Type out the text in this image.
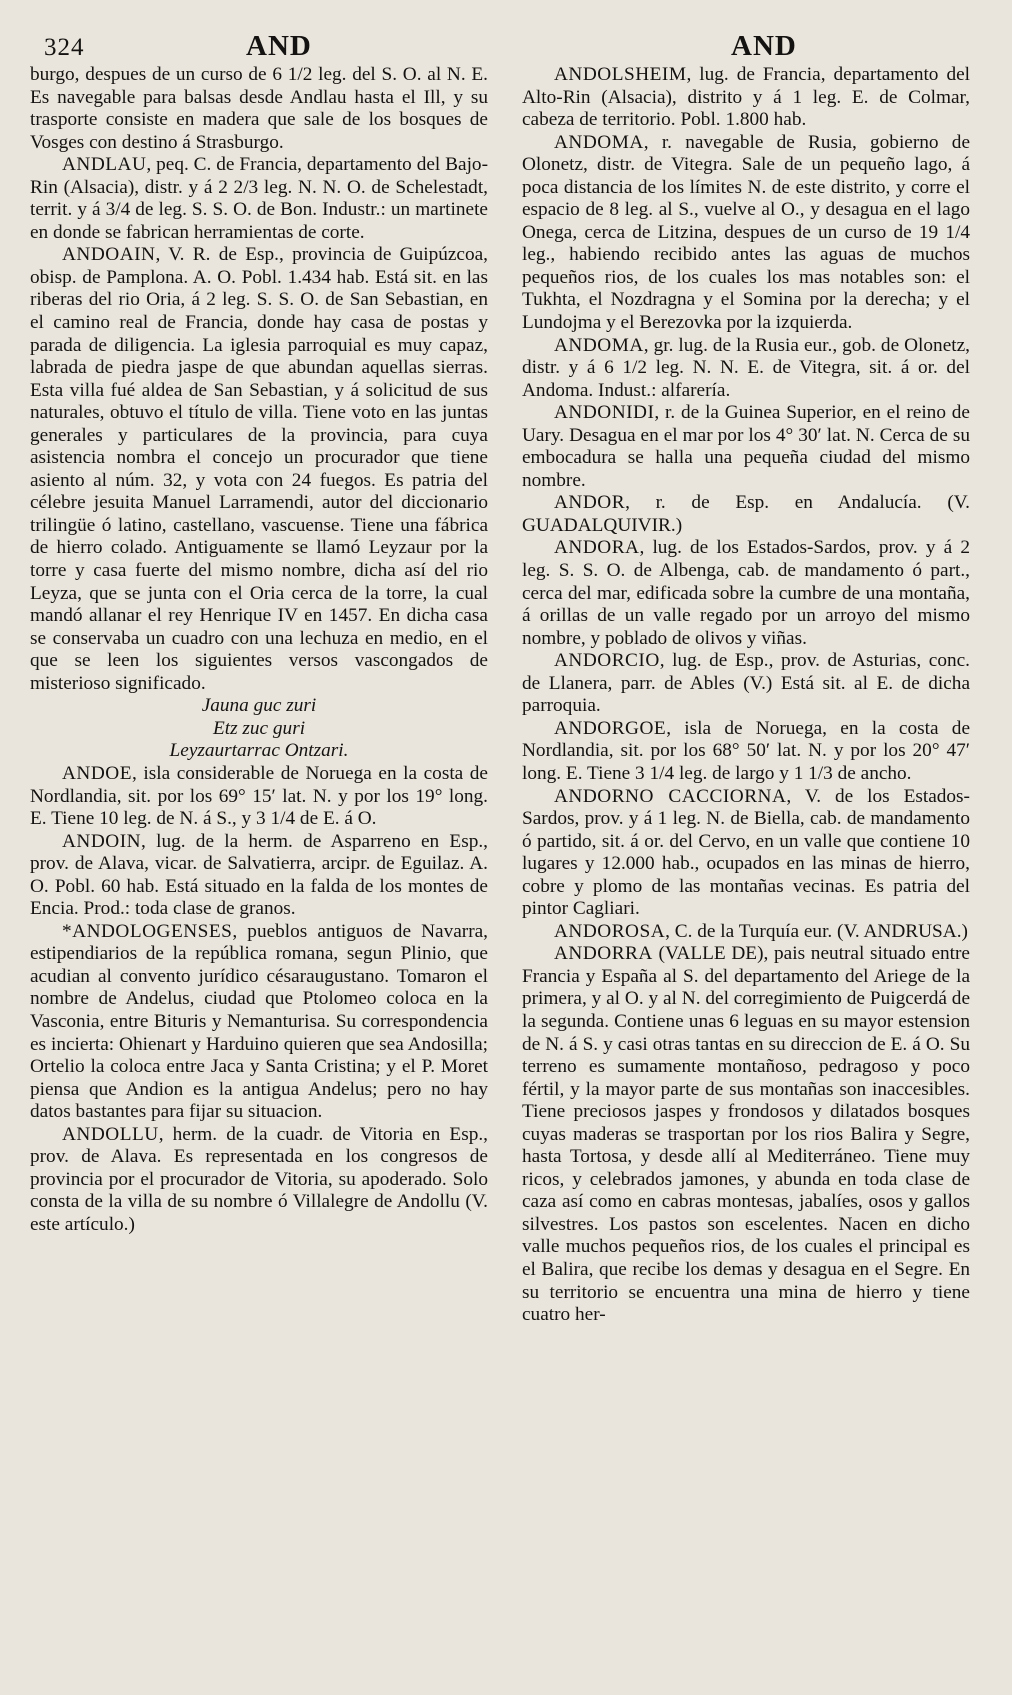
324	AND	AND

burgo, despues de un curso de 6 1/2 leg. del S. O. al N. E. Es navegable para balsas desde Andlau hasta el Ill, y su trasporte consiste en madera que sale de los bosques de Vosges con destino á Strasburgo.

ANDLAU, peq. C. de Francia, departamento del Bajo-Rin (Alsacia), distr. y á 2 2/3 leg. N. N. O. de Schelestadt, territ. y á 3/4 de leg. S. S. O. de Bon. Industr.: un martinete en donde se fabrican herramientas de corte.

ANDOAIN, V. R. de Esp., provincia de Guipúzcoa, obisp. de Pamplona. A. O. Pobl. 1.434 hab. Está sit. en las riberas del rio Oria, á 2 leg. S. S. O. de San Sebastian, en el camino real de Francia, donde hay casa de postas y parada de diligencia. La iglesia parroquial es muy capaz, labrada de piedra jaspe de que abundan aquellas sierras. Esta villa fué aldea de San Sebastian, y á solicitud de sus naturales, obtuvo el título de villa. Tiene voto en las juntas generales y particulares de la provincia, para cuya asistencia nombra el concejo un procurador que tiene asiento al núm. 32, y vota con 24 fuegos. Es patria del célebre jesuita Manuel Larramendi, autor del diccionario trilingüe ó latino, castellano, vascuense. Tiene una fábrica de hierro colado. Antiguamente se llamó Leyzaur por la torre y casa fuerte del mismo nombre, dicha así del rio Leyza, que se junta con el Oria cerca de la torre, la cual mandó allanar el rey Henrique IV en 1457. En dicha casa se conservaba un cuadro con una lechuza en medio, en el que se leen los siguientes versos vascongados de misterioso significado.

Jauna guc zuri

Etz zuc guri

Leyzaurtarrac Ontzari.

ANDOE, isla considerable de Noruega en la costa de Nordlandia, sit. por los 69° 15′ lat. N. y por los 19° long. E. Tiene 10 leg. de N. á S., y 3 1/4 de E. á O.

ANDOIN, lug. de la herm. de Asparreno en Esp., prov. de Alava, vicar. de Salvatierra, arcipr. de Eguilaz. A. O. Pobl. 60 hab. Está situado en la falda de los montes de Encia. Prod.: toda clase de granos.

*ANDOLOGENSES, pueblos antiguos de Navarra, estipendiarios de la república romana, segun Plinio, que acudian al convento jurídico césaraugustano. Tomaron el nombre de Andelus, ciudad que Ptolomeo coloca en la Vasconia, entre Bituris y Nemanturisa. Su correspondencia es incierta: Ohienart y Harduino quieren que sea Andosilla; Ortelio la coloca entre Jaca y Santa Cristina; y el P. Moret piensa que Andion es la antigua Andelus; pero no hay datos bastantes para fijar su situacion.

ANDOLLU, herm. de la cuadr. de Vitoria en Esp., prov. de Alava. Es representada en los congresos de provincia por el procurador de Vitoria, su apoderado. Solo consta de la villa de su nombre ó Villalegre de Andollu (V. este artículo.)

ANDOLSHEIM, lug. de Francia, departamento del Alto-Rin (Alsacia), distrito y á 1 leg. E. de Colmar, cabeza de territorio. Pobl. 1.800 hab.

ANDOMA, r. navegable de Rusia, gobierno de Olonetz, distr. de Vitegra. Sale de un pequeño lago, á poca distancia de los límites N. de este distrito, y corre el espacio de 8 leg. al S., vuelve al O., y desagua en el lago Onega, cerca de Litzina, despues de un curso de 19 1/4 leg., habiendo recibido antes las aguas de muchos pequeños rios, de los cuales los mas notables son: el Tukhta, el Nozdragna y el Somina por la derecha; y el Lundojma y el Berezovka por la izquierda.

ANDOMA, gr. lug. de la Rusia eur., gob. de Olonetz, distr. y á 6 1/2 leg. N. N. E. de Vitegra, sit. á or. del Andoma. Indust.: alfarería.

ANDONIDI, r. de la Guinea Superior, en el reino de Uary. Desagua en el mar por los 4° 30′ lat. N. Cerca de su embocadura se halla una pequeña ciudad del mismo nombre.

ANDOR, r. de Esp. en Andalucía. (V. GUADALQUIVIR.)

ANDORA, lug. de los Estados-Sardos, prov. y á 2 leg. S. S. O. de Albenga, cab. de mandamento ó part., cerca del mar, edificada sobre la cumbre de una montaña, á orillas de un valle regado por un arroyo del mismo nombre, y poblado de olivos y viñas.

ANDORCIO, lug. de Esp., prov. de Asturias, conc. de Llanera, parr. de Ables (V.) Está sit. al E. de dicha parroquia.

ANDORGOE, isla de Noruega, en la costa de Nordlandia, sit. por los 68° 50′ lat. N. y por los 20° 47′ long. E. Tiene 3 1/4 leg. de largo y 1 1/3 de ancho.

ANDORNO CACCIORNA, V. de los Estados-Sardos, prov. y á 1 leg. N. de Biella, cab. de mandamento ó partido, sit. á or. del Cervo, en un valle que contiene 10 lugares y 12.000 hab., ocupados en las minas de hierro, cobre y plomo de las montañas vecinas. Es patria del pintor Cagliari.

ANDOROSA, C. de la Turquía eur. (V. ANDRUSA.)

ANDORRA (VALLE DE), pais neutral situado entre Francia y España al S. del departamento del Ariege de la primera, y al O. y al N. del corregimiento de Puigcerdá de la segunda. Contiene unas 6 leguas en su mayor estension de N. á S. y casi otras tantas en su direccion de E. á O. Su terreno es sumamente montañoso, pedragoso y poco fértil, y la mayor parte de sus montañas son inaccesibles. Tiene preciosos jaspes y frondosos y dilatados bosques cuyas maderas se trasportan por los rios Balira y Segre, hasta Tortosa, y desde allí al Mediterráneo. Tiene muy ricos, y celebrados jamones, y abunda en toda clase de caza así como en cabras montesas, jabalíes, osos y gallos silvestres. Los pastos son escelentes. Nacen en dicho valle muchos pequeños rios, de los cuales el principal es el Balira, que recibe los demas y desagua en el Segre. En su territorio se encuentra una mina de hierro y tiene cuatro her-
